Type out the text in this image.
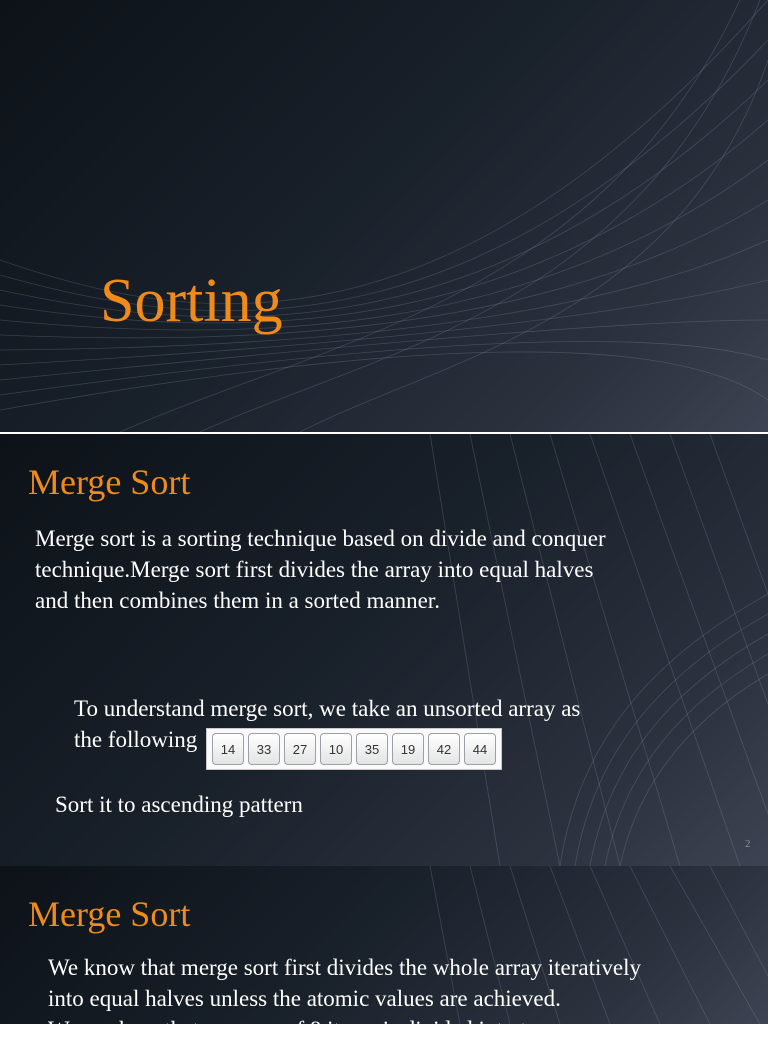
Sorting
Merge Sort
Merge sort is a sorting technique based on divide and conquer
technique.Merge sort first divides the array into equal halves
and then combines them in a sorted manner.
To understand merge sort, we take an unsorted array as
the following	14	33	27	10	35	19	42	44
Sort it to ascending pattern
2
Merge Sort
We know that merge sort first divides the whole array iteratively
into equal halves unless the atomic values are achieved.
We see here that an array of 8 items is divided into two arrays
